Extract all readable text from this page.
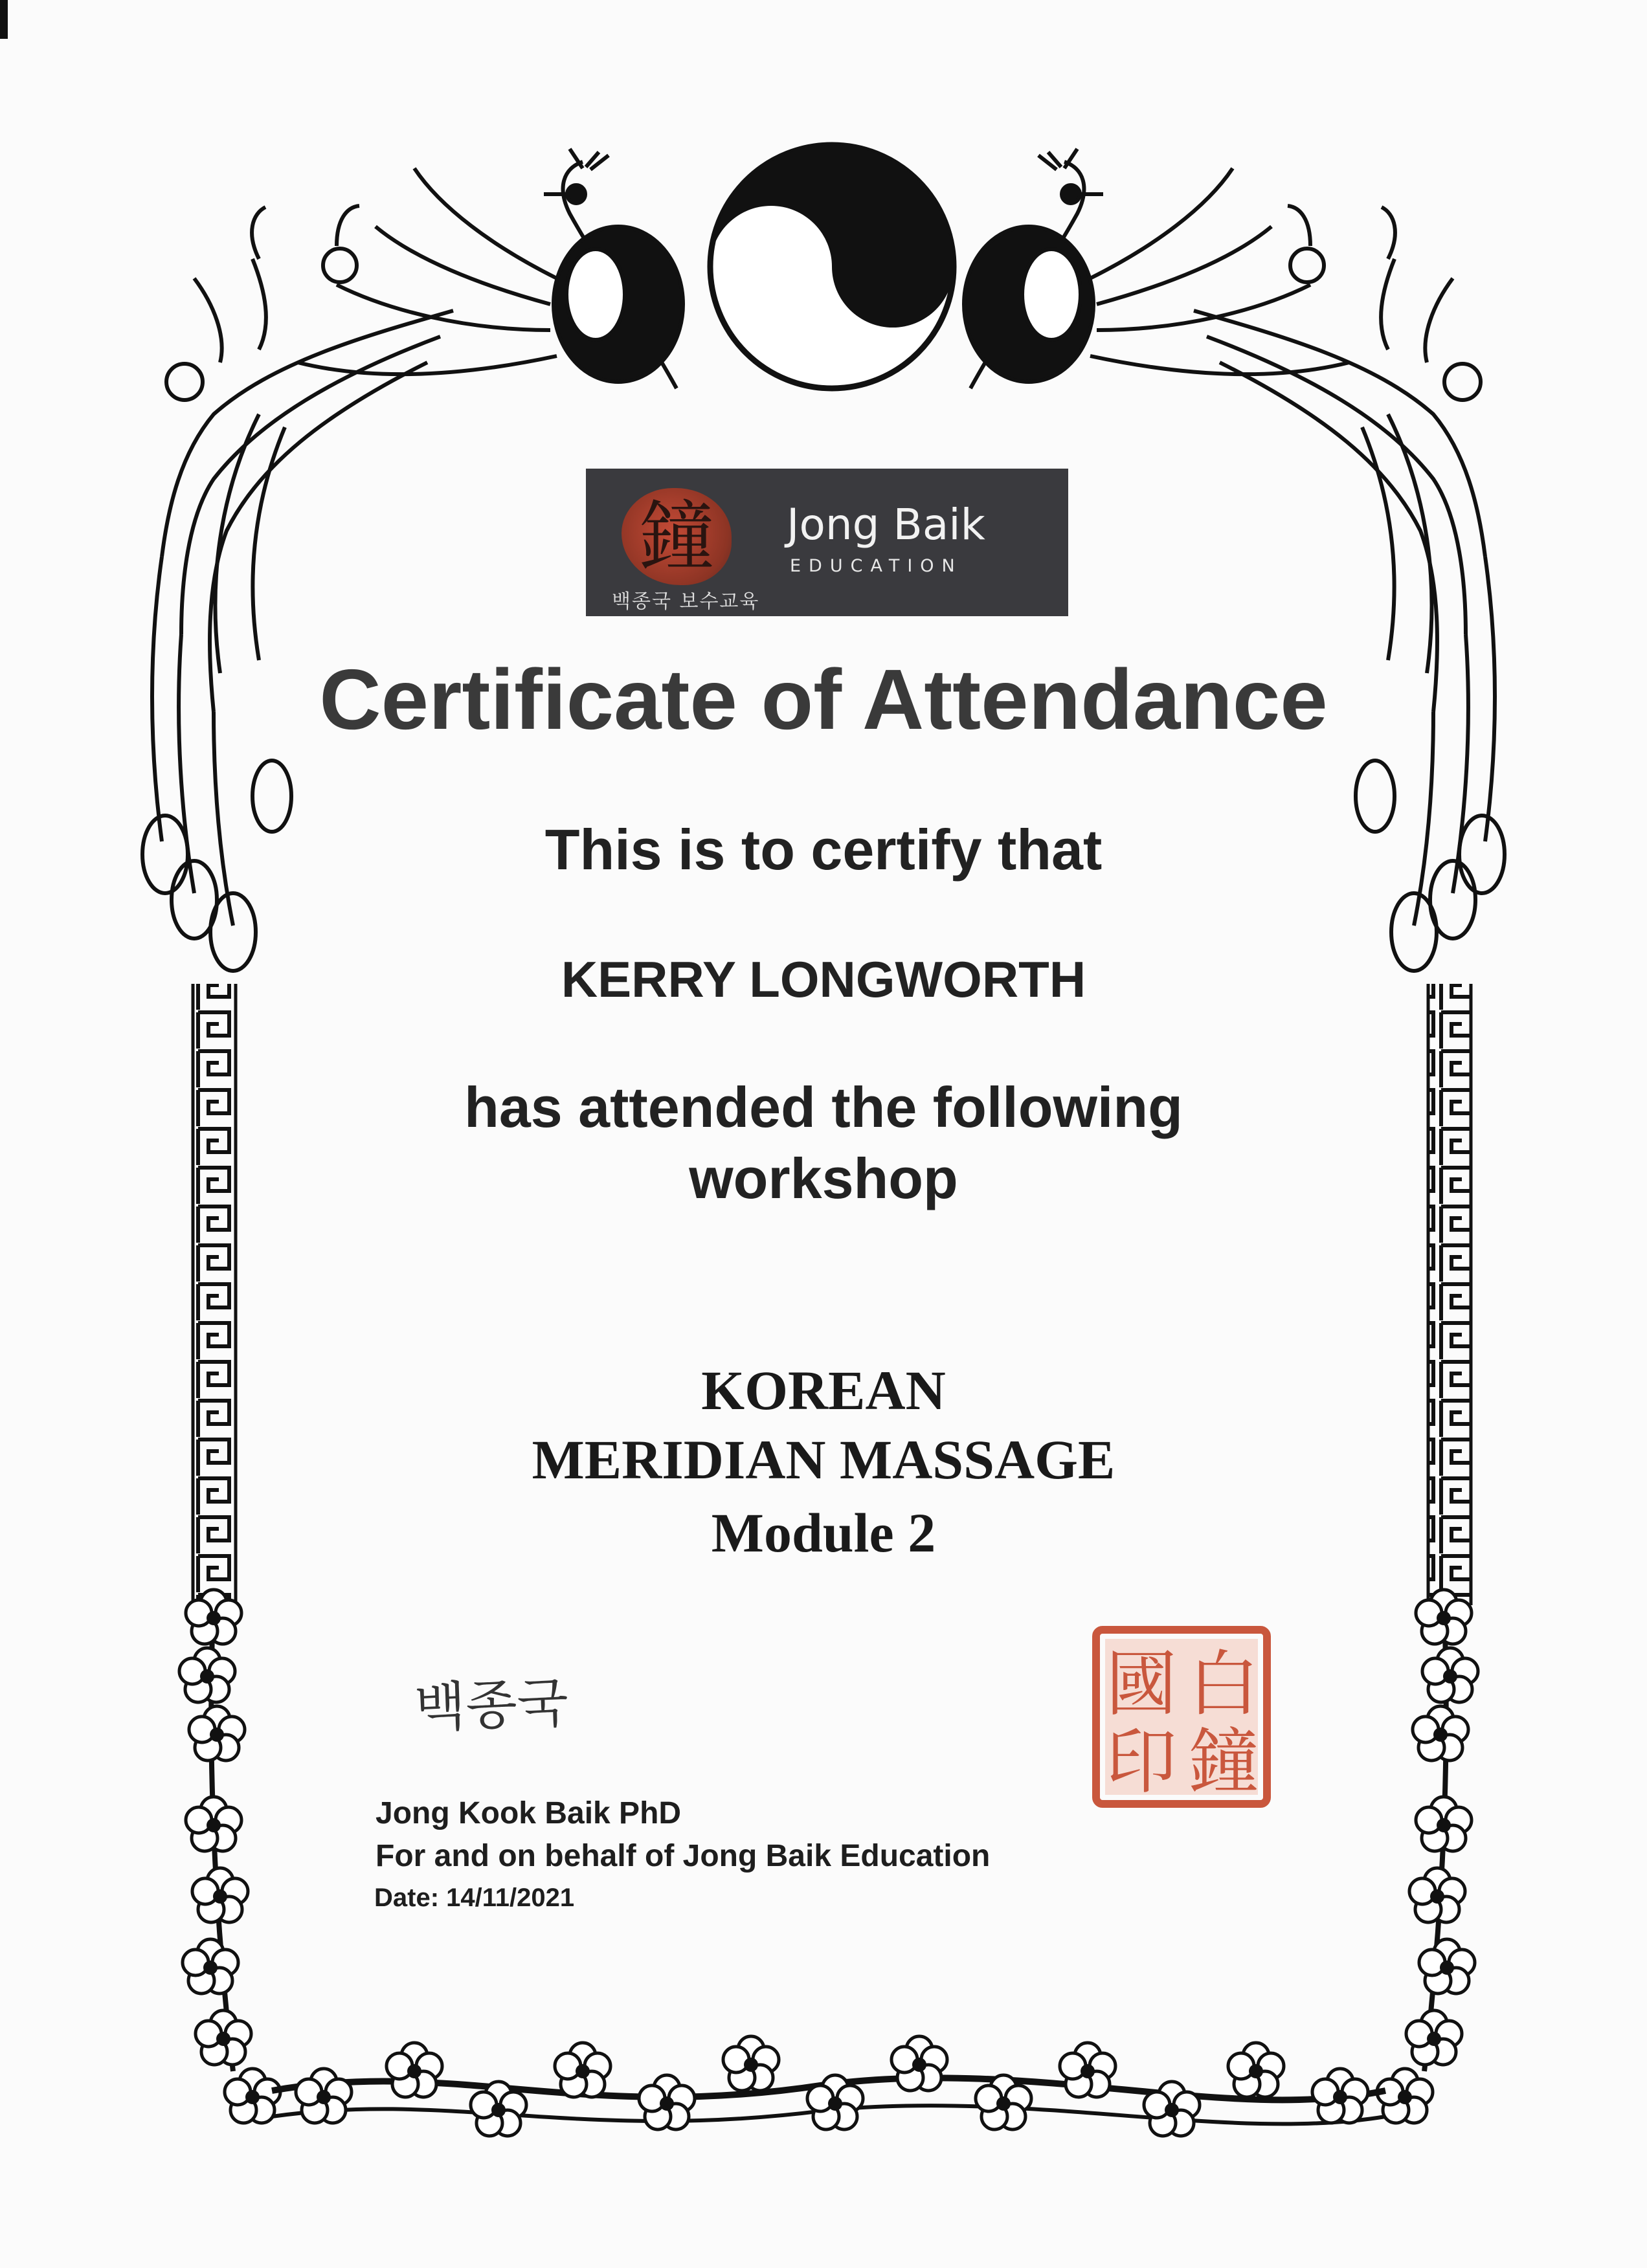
鐘	Jong Baik
EDUCATION
백종국 보수교육
Certificate of Attendance
This is to certify that
KERRY LONGWORTH
has attended the following
workshop
KOREAN
MERIDIAN MASSAGE
Module 2
백종국
Jong Kook Baik PhD
For and on behalf of Jong Baik Education
Date: 14/11/2021
白
鐘
國
印
